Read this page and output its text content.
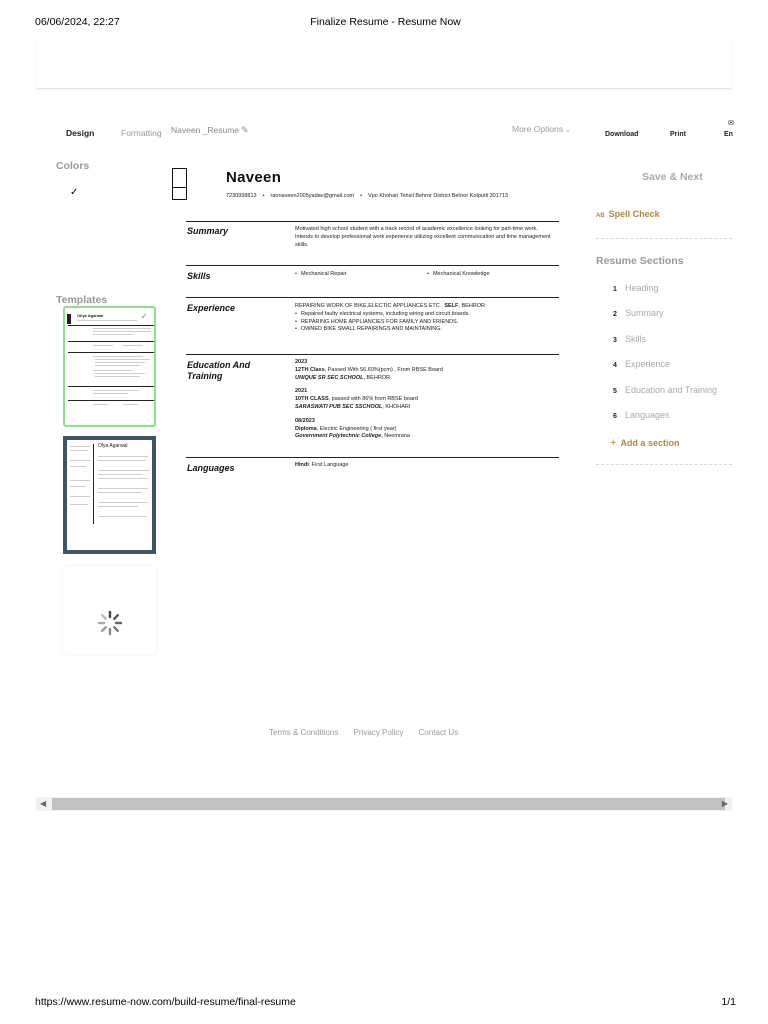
06/06/2024, 22:27	Finalize Resume - Resume Now
Design	Formatting Naveen _Resume ✎	More Options ⌄
✉
Download	Print	En
Colors
✓
Templates
Oliya Agarwal	✓
Olya Agarwal
Naveen
7230998813 • raonaveen2005yadav@gmail.com • Vpo Khohari Tehsil Behror District Behror Kotputli 301713
Summary	Motivated high school student with a track record of academic excellence looking for part-time work. Intends to develop professional work experience utilizing excellent communication and time management skills.
Skills	• Mechanical Repair	• Mechanical Knowledge
Experience	REPAIRING WORK OF BIKE,ELECTIC APPLIANCES ETC , SELF, BEHROR
• Repaired faulty electrical systems, including wiring and circuit boards.
• REPARING HOME APPLIANCIES FOR FAMILY AND FRIENDS.
• OWNED BIKE SMALL REPAIRINGS AND MAINTAINING.
Education And Training
2023
12TH Class, Passed With 56.60%(pcm) , From RBSE Board
UNIQUE SR SEC SCHOOL, BEHROR
2021
10TH CLASS, passed with 86% from RBSE board
SARASWATI PUB SEC SSCHOOL, KHOHARI
08/2023
Diploma, Electric Engineering ( first year)
Government Polytechnic College, Neemrana
Languages	Hindi: First Language
Save & Next
AB Spell Check
Resume Sections
1 Heading
2 Summary
3 Skills
4 Experience
5 Education and Training
6 Languages
+ Add a section
Terms & Conditions Privacy Policy Contact Us
◀	▶
https://www.resume-now.com/build-resume/final-resume	1/1
